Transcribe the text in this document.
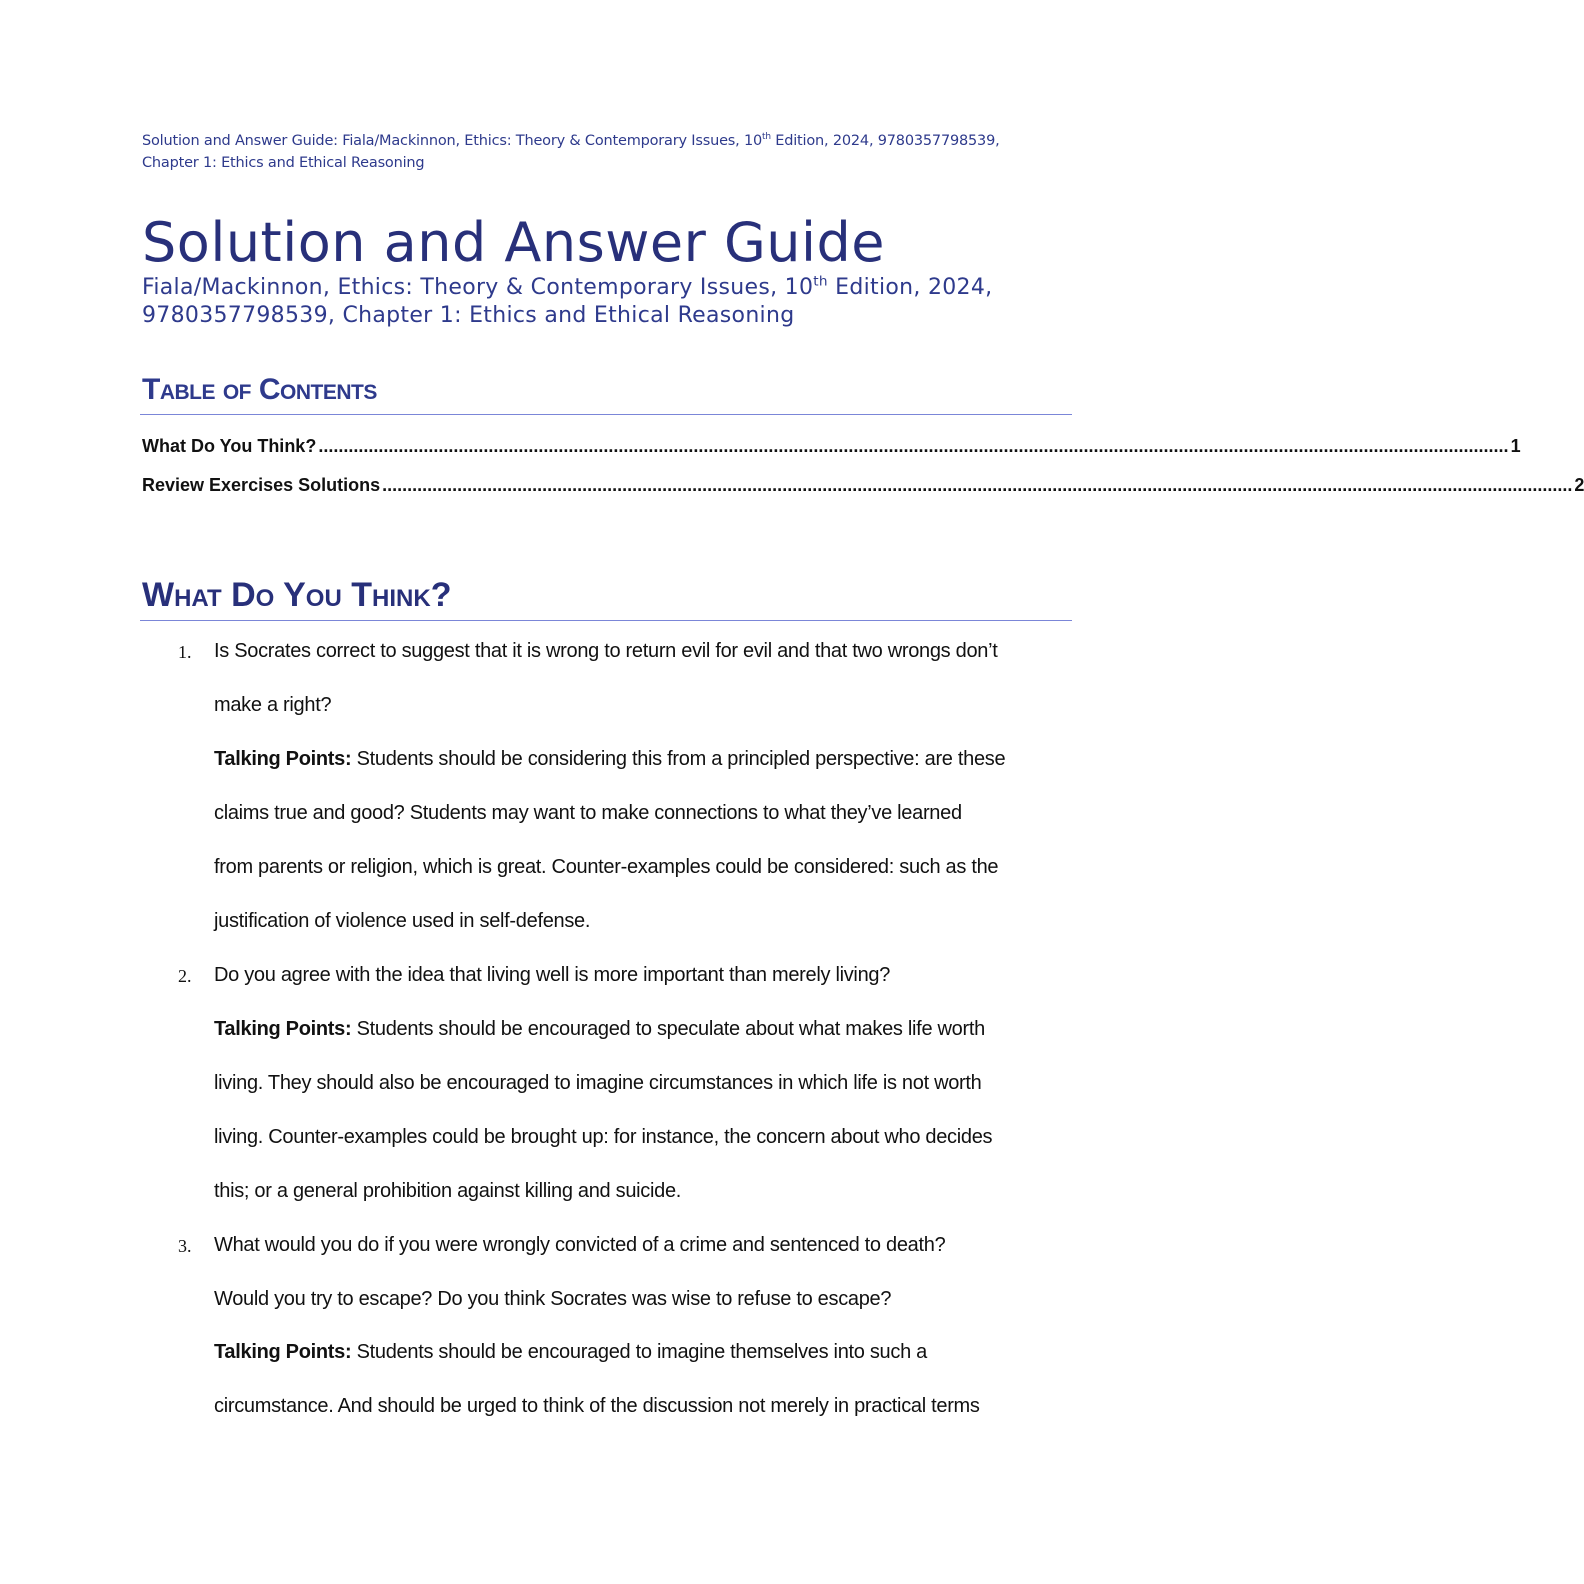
Solution and Answer Guide: Fiala/Mackinnon, Ethics: Theory & Contemporary Issues, 10th Edition, 2024, 9780357798539,
Chapter 1: Ethics and Ethical Reasoning
Solution and Answer Guide
Fiala/Mackinnon, Ethics: Theory & Contemporary Issues, 10th Edition, 2024,
9780357798539, Chapter 1: Ethics and Ethical Reasoning
Table of Contents
What Do You Think? .............................................................................................................................................................................................................................................. 1
Review Exercises Solutions .............................................................................................................................................................................................................................................. 2
What Do You Think?
1. Is Socrates correct to suggest that it is wrong to return evil for evil and that two wrongs don’t
make a right?
Talking Points: Students should be considering this from a principled perspective: are these
claims true and good? Students may want to make connections to what they’ve learned
from parents or religion, which is great. Counter-examples could be considered: such as the
justification of violence used in self-defense.
2. Do you agree with the idea that living well is more important than merely living?
Talking Points: Students should be encouraged to speculate about what makes life worth
living. They should also be encouraged to imagine circumstances in which life is not worth
living. Counter-examples could be brought up: for instance, the concern about who decides
this; or a general prohibition against killing and suicide.
3. What would you do if you were wrongly convicted of a crime and sentenced to death?
Would you try to escape? Do you think Socrates was wise to refuse to escape?
Talking Points: Students should be encouraged to imagine themselves into such a
circumstance. And should be urged to think of the discussion not merely in practical terms
